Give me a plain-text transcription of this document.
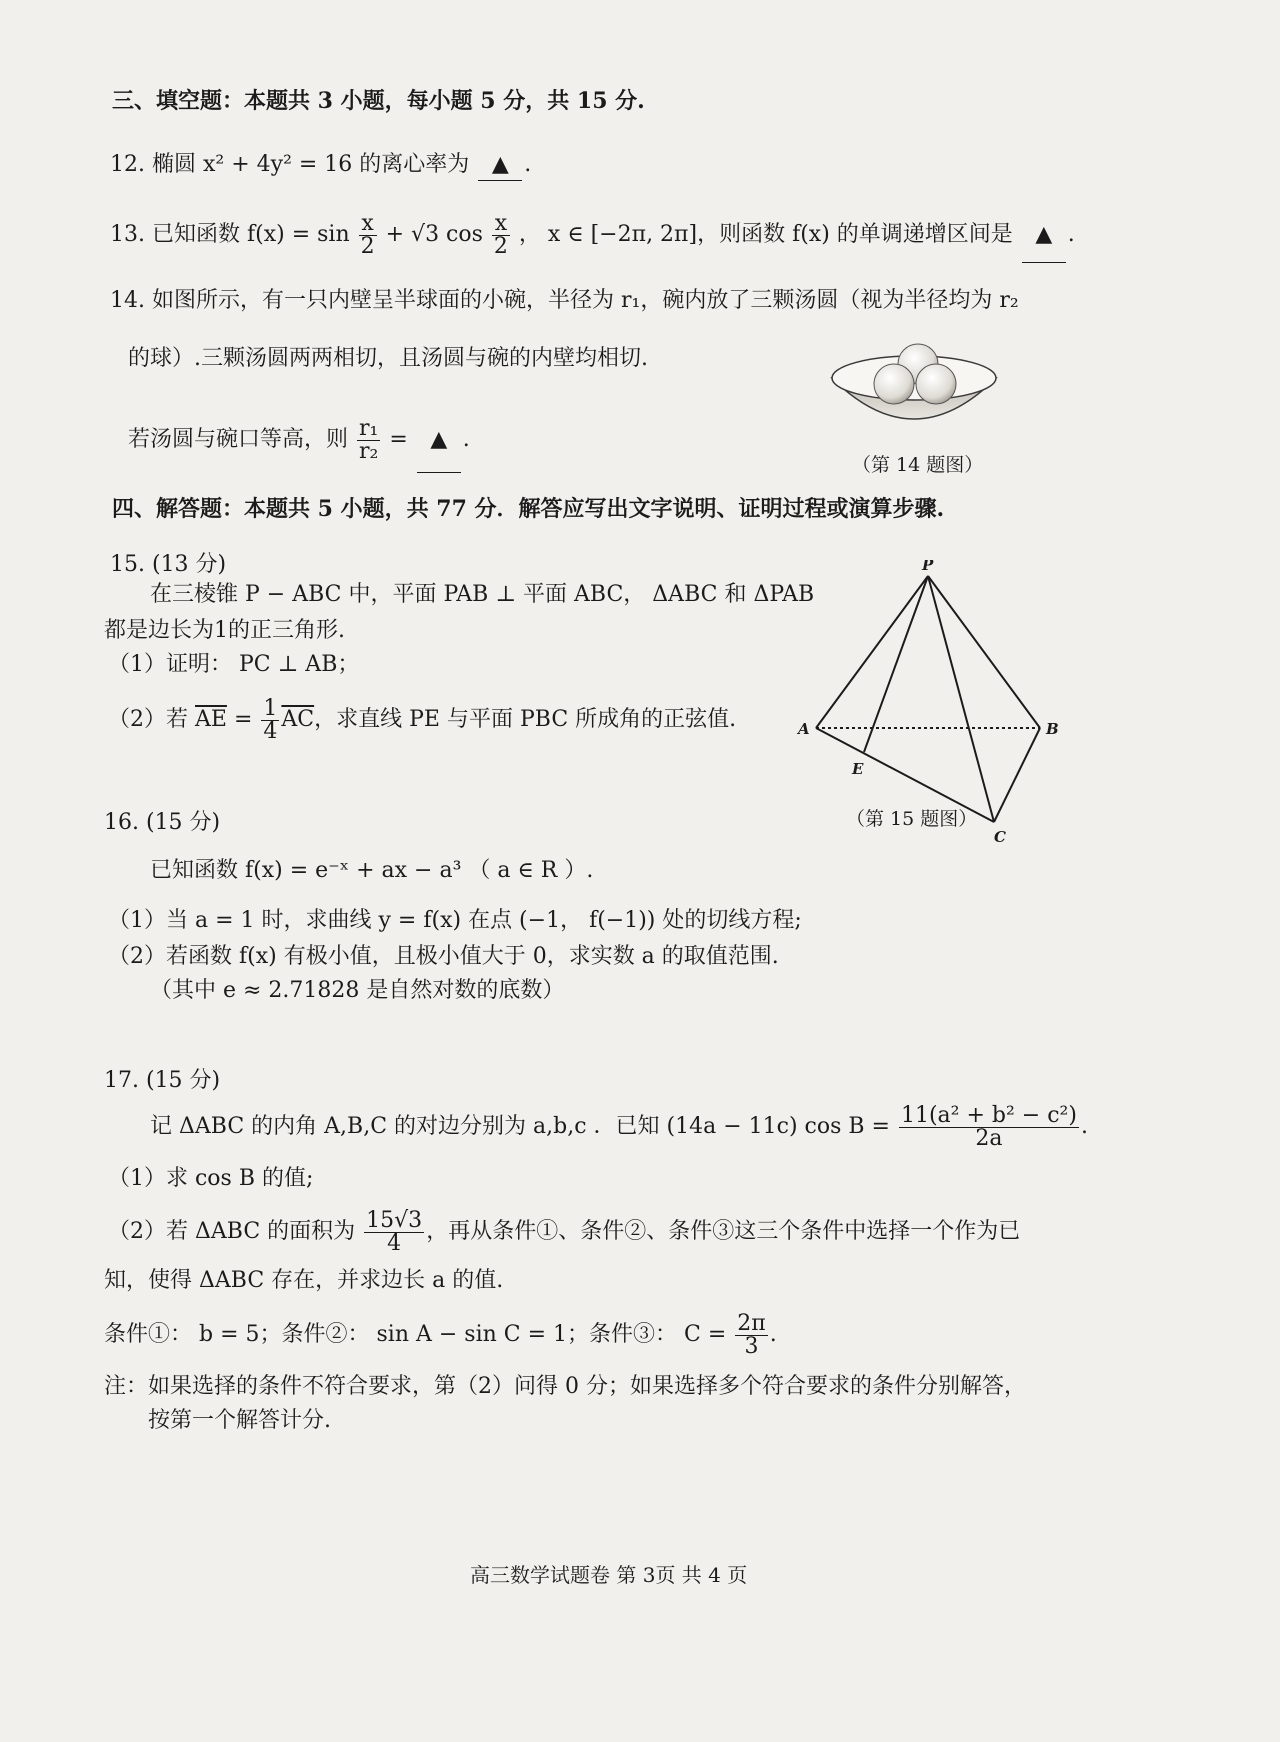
三、填空题：本题共 3 小题，每小题 5 分，共 15 分.
12. 椭圆 x² + 4y² = 16 的离心率为 ▲ .
13. 已知函数 $f(x) = \sin \frac{x}{2} + √3$ $\cos \frac{x}{2}$ ， x ∈ [−2π, 2π]，则函数 f(x) 的单调递增区间是 ▲ .
14. 如图所示，有一只内壁呈半球面的小碗，半径为 r₁，碗内放了三颗汤圆（视为半径均为 r₂
的球）.三颗汤圆两两相切，且汤圆与碗的内壁均相切.
若汤圆与碗口等高，则 $\frac{\text{r₁}}{\text{r₂}}$ = ▲ .
（第 14 题图）
四、解答题：本题共 5 小题，共 77 分．解答应写出文字说明、证明过程或演算步骤.
15. (13 分)
在三棱锥 P − ABC 中，平面 PAB ⊥ 平面 ABC， ΔABC 和 ΔPAB
都是边长为1的正三角形.
（1）证明： PC ⊥ AB；
（2）若 $\overline{AE} = \frac{1}{4} \overline{AC}$，求直线 PE 与平面 PBC 所成角的正弦值.
P
A	B
E
C
（第 15 题图）
16. (15 分)
已知函数 f(x) = e⁻ˣ + ax − a³ （ a ∈ R ）.
（1）当 a = 1 时，求曲线 y = f(x) 在点 (−1， f(−1)) 处的切线方程;
（2）若函数 f(x) 有极小值，且极小值大于 0，求实数 a 的取值范围.
（其中 e ≈ 2.71828 是自然对数的底数）
17. (15 分)
记 ΔABC 的内角 A,B,C 的对边分别为 a,b,c ．已知 (14a − 11c) $\cos B = \frac{\text{11(a² + b² − c²)}}{2a}$ .
（1）求 cos B 的值;
（2）若 ΔABC 的面积为 $\frac{15√3}{4}$ ，再从条件①、条件②、条件③这三个条件中选择一个作为已
知，使得 ΔABC 存在，并求边长 a 的值.
条件①： b = 5；条件②： sin A − sin C = 1；条件③： $C = \frac{2\pi}{3}$ .
注：如果选择的条件不符合要求，第（2）问得 0 分；如果选择多个符合要求的条件分别解答，
按第一个解答计分.
高三数学试题卷 第 3页 共 4 页
